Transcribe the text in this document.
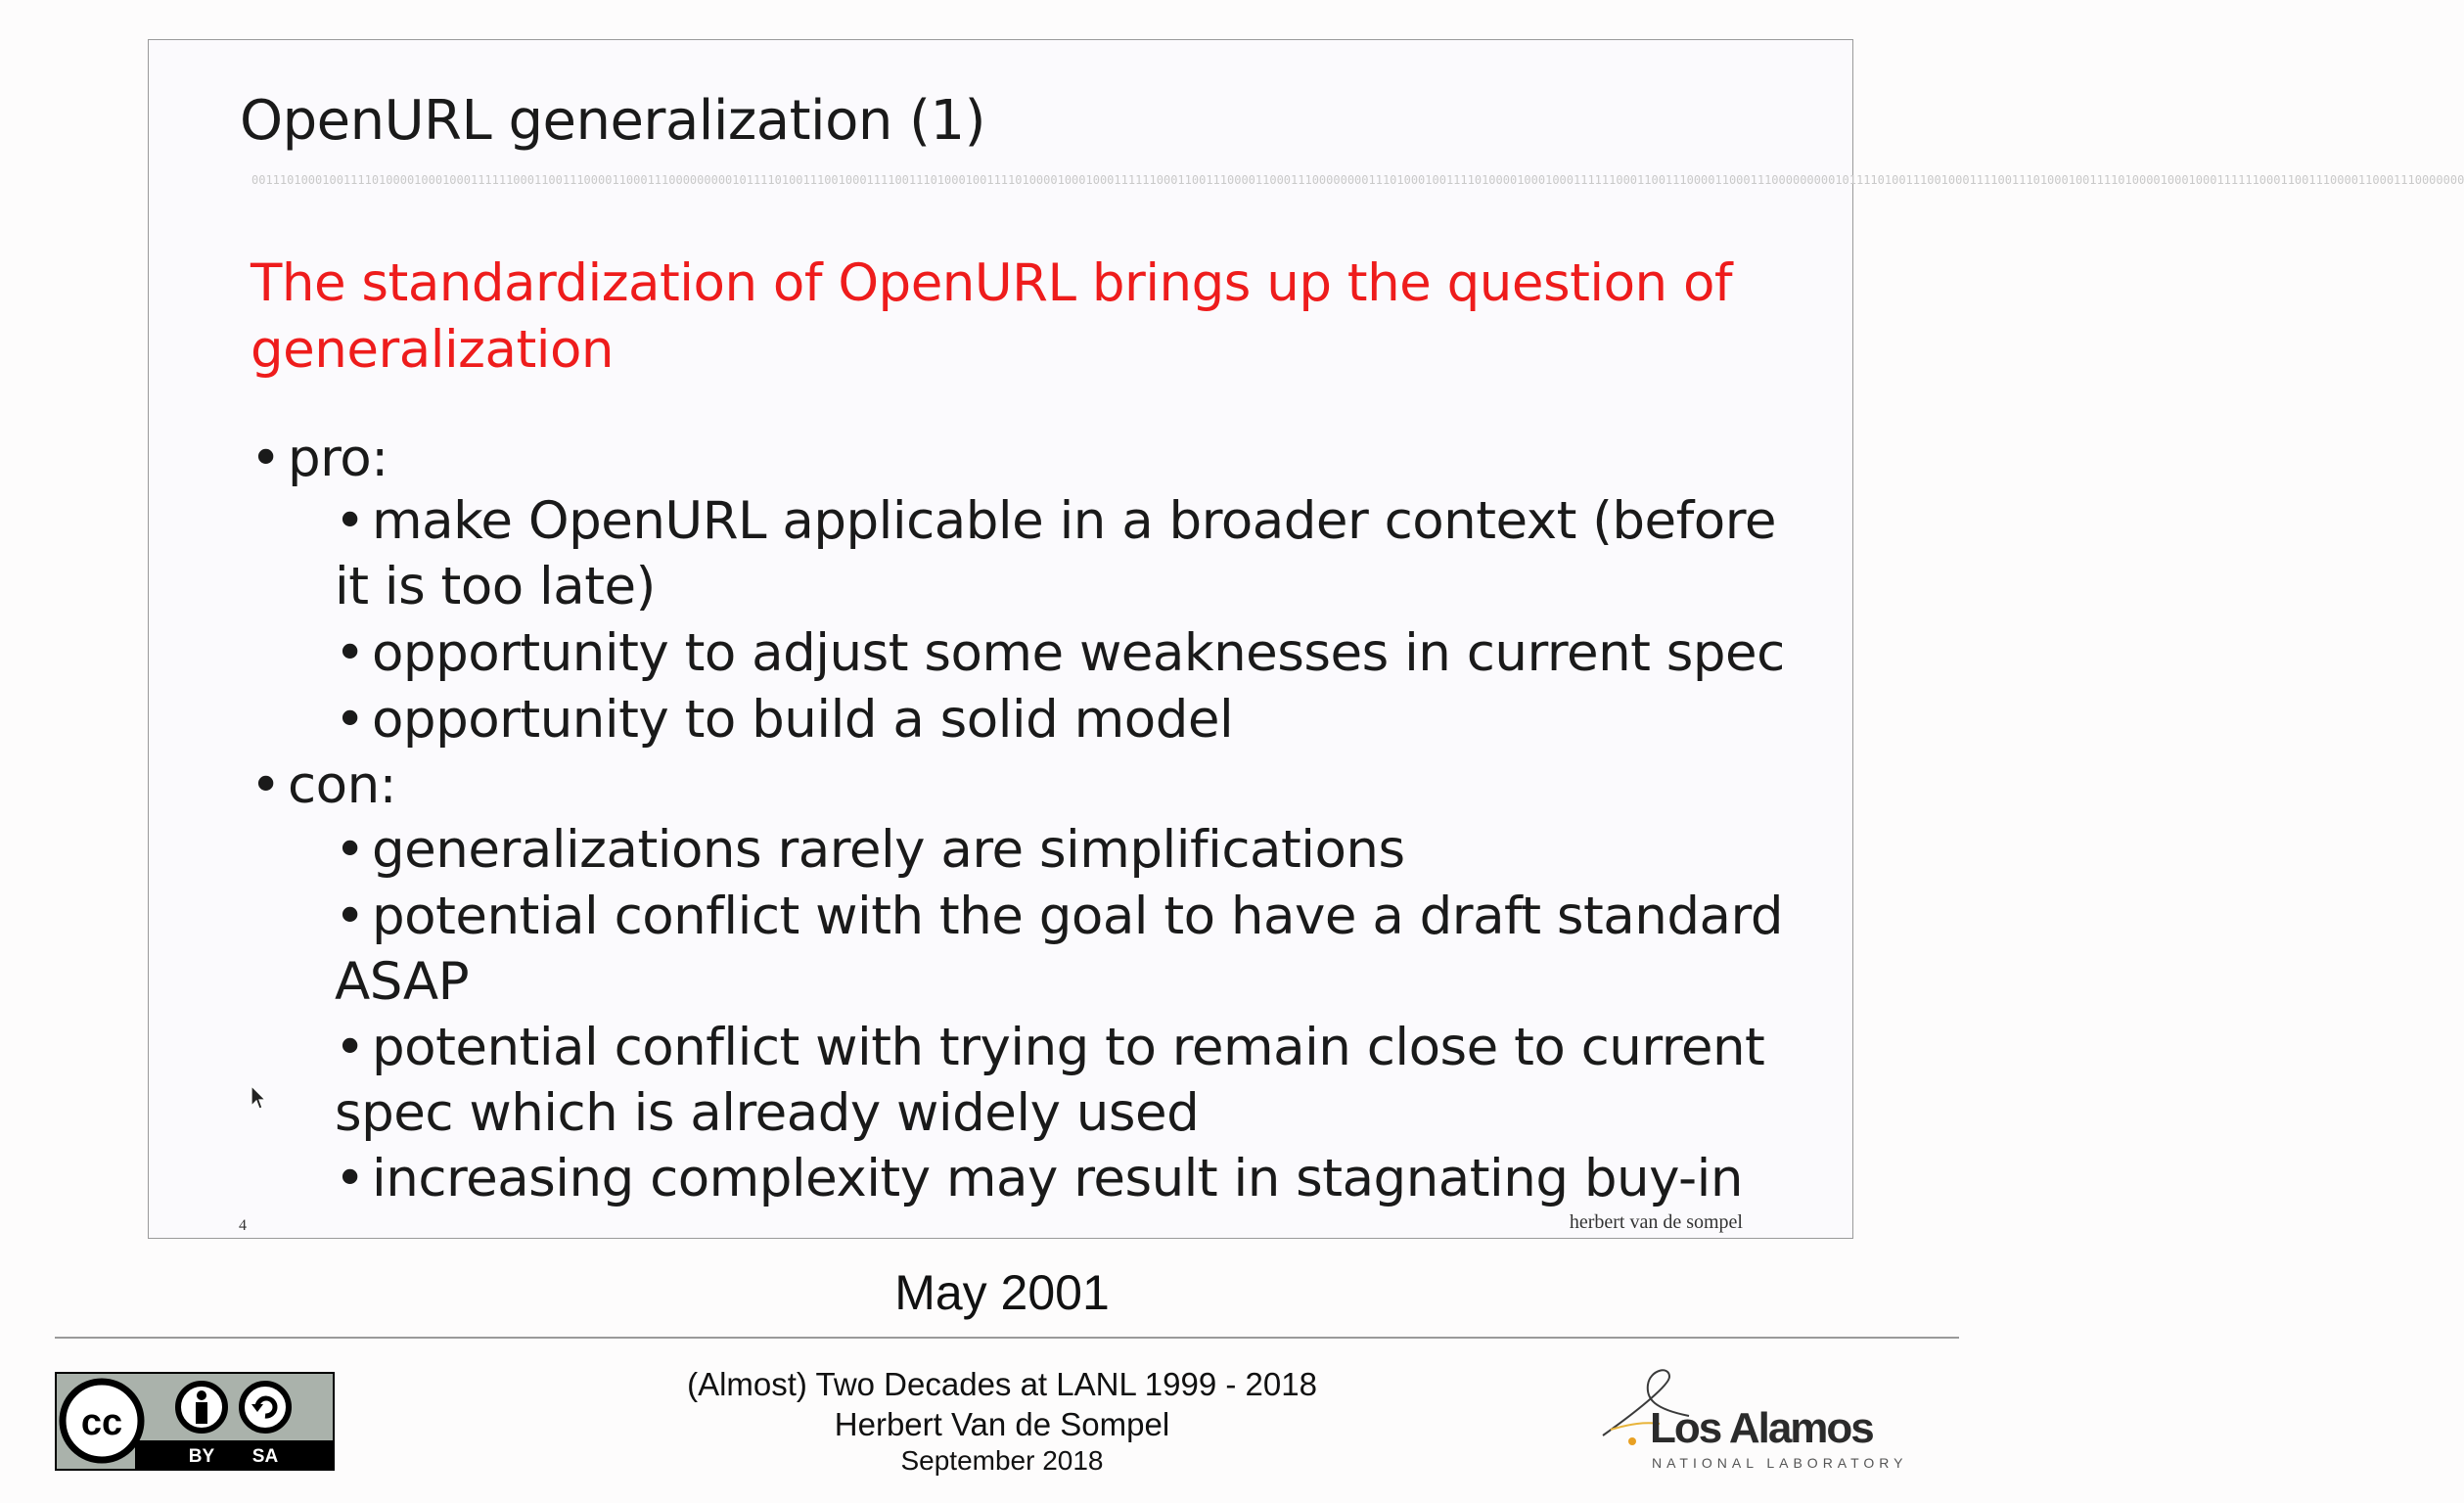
OpenURL generalization (1)
0011101000100111101000010001000111111000110011100001100011100000000010111101001110010001111001110100010011110100001000100011111100011001110000110001110000000011101000100111101000010001000111111000110011100001100011100000000010111101001110010001111001110100010011110100001000100011111100011001110000110001110000000
The standardization of OpenURL brings up the question of generalization
• pro:
• make OpenURL applicable in a broader context (before
it is too late)
• opportunity to adjust some weaknesses in current spec
• opportunity to build a solid model
• con:
• generalizations rarely are simplifications
• potential conflict with the goal to have a draft standard
ASAP
• potential conflict with trying to remain close to current
spec which is already widely used
• increasing complexity may result in stagnating buy-in
4	herbert van de sompel
May 2001
cc
BY SA
(Almost) Two Decades at LANL 1999 - 2018
Herbert Van de Sompel
September 2018
Los Alamos
NATIONAL LABORATORY
